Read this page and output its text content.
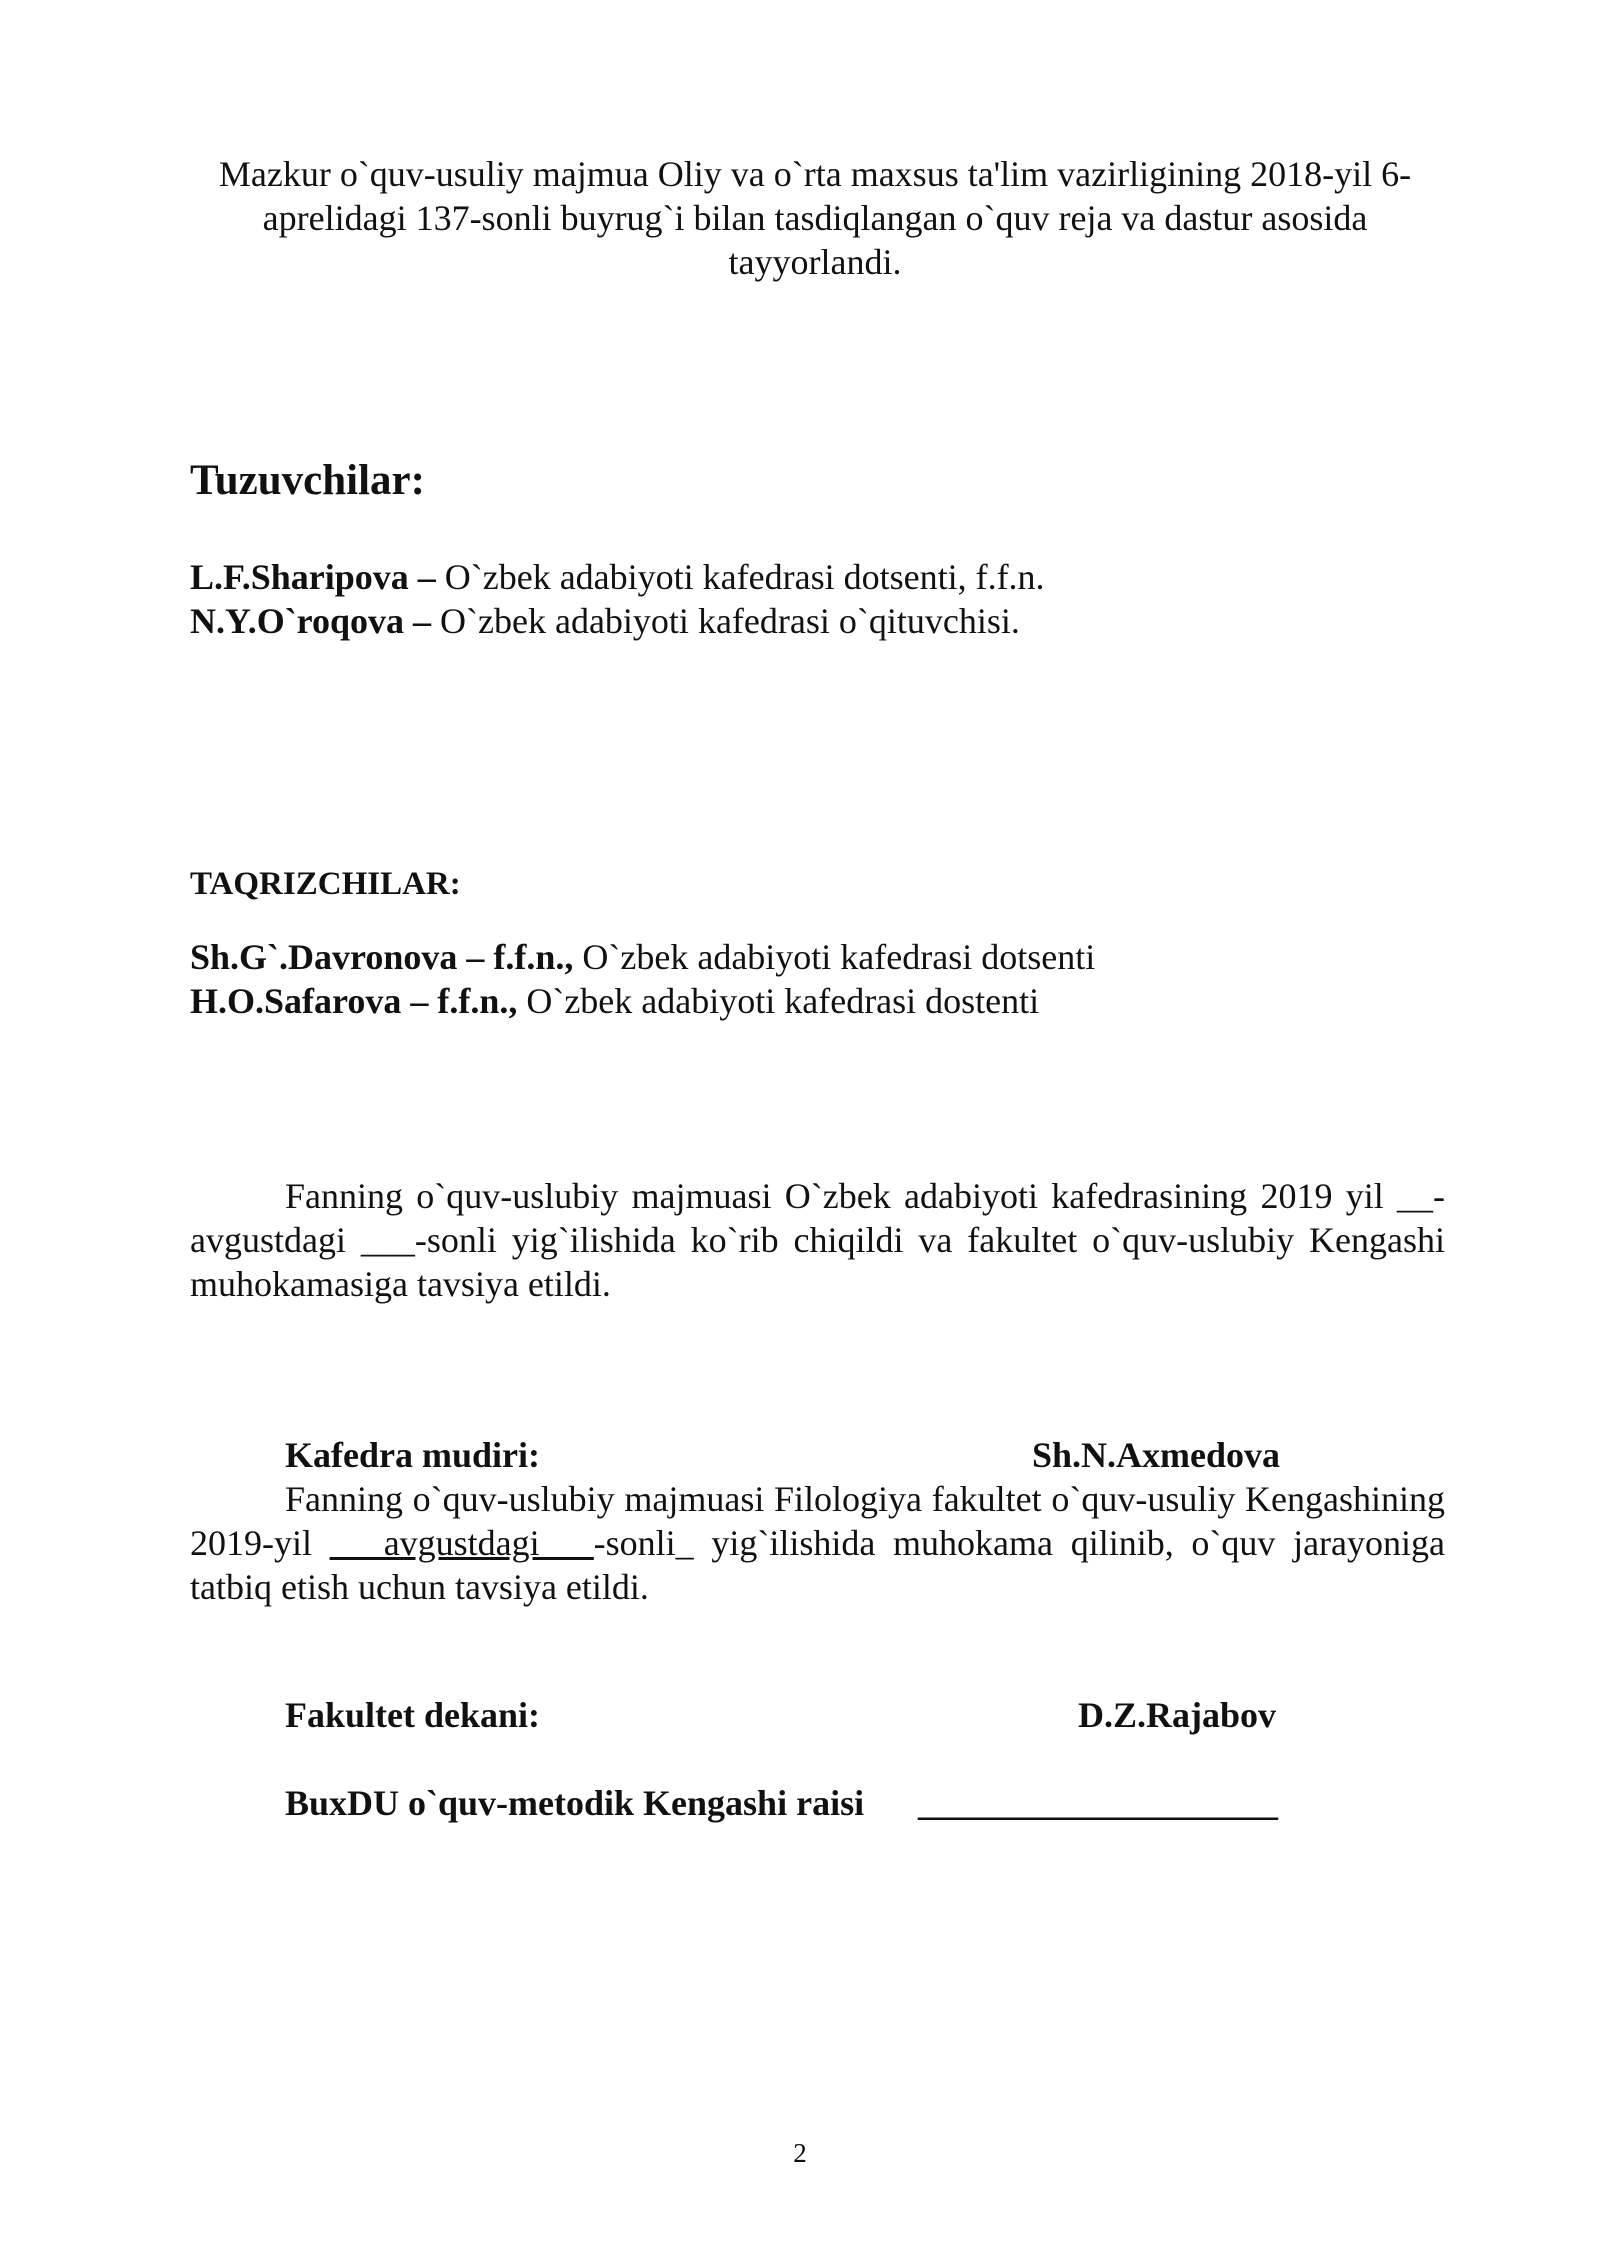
Mazkur o`quv-usuliy majmua Oliy va o`rta maxsus ta'lim vazirligining 2018-yil 6-aprelidagi 137-sonli buyrug`i bilan tasdiqlangan o`quv reja va dastur asosida tayyorlandi.
Tuzuvchilar:
L.F.Sharipova – O`zbek adabiyoti kafedrasi dotsenti, f.f.n.
N.Y.O`roqova – O`zbek adabiyoti kafedrasi o`qituvchisi.
TAQRIZCHILAR:
Sh.G`.Davronova – f.f.n., O`zbek adabiyoti kafedrasi dotsenti
H.O.Safarova – f.f.n., O`zbek adabiyoti kafedrasi dostenti
Fanning o`quv-uslubiy majmuasi O`zbek adabiyoti kafedrasining 2019 yil __- avgustdagi ___-sonli yig`ilishida ko`rib chiqildi va fakultet o`quv-uslubiy Kengashi muhokamasiga tavsiya etildi.
Kafedra mudiri:	Sh.N.Axmedova
Fanning o`quv-uslubiy majmuasi Filologiya fakultet o`quv-usuliy Kengashining 2019-yil ___avgustdagi___-sonli_ yig`ilishida muhokama qilinib, o`quv jarayoniga tatbiq etish uchun tavsiya etildi.
Fakultet dekani:	D.Z.Rajabov
BuxDU o`quv-metodik Kengashi raisi ____________________
2
